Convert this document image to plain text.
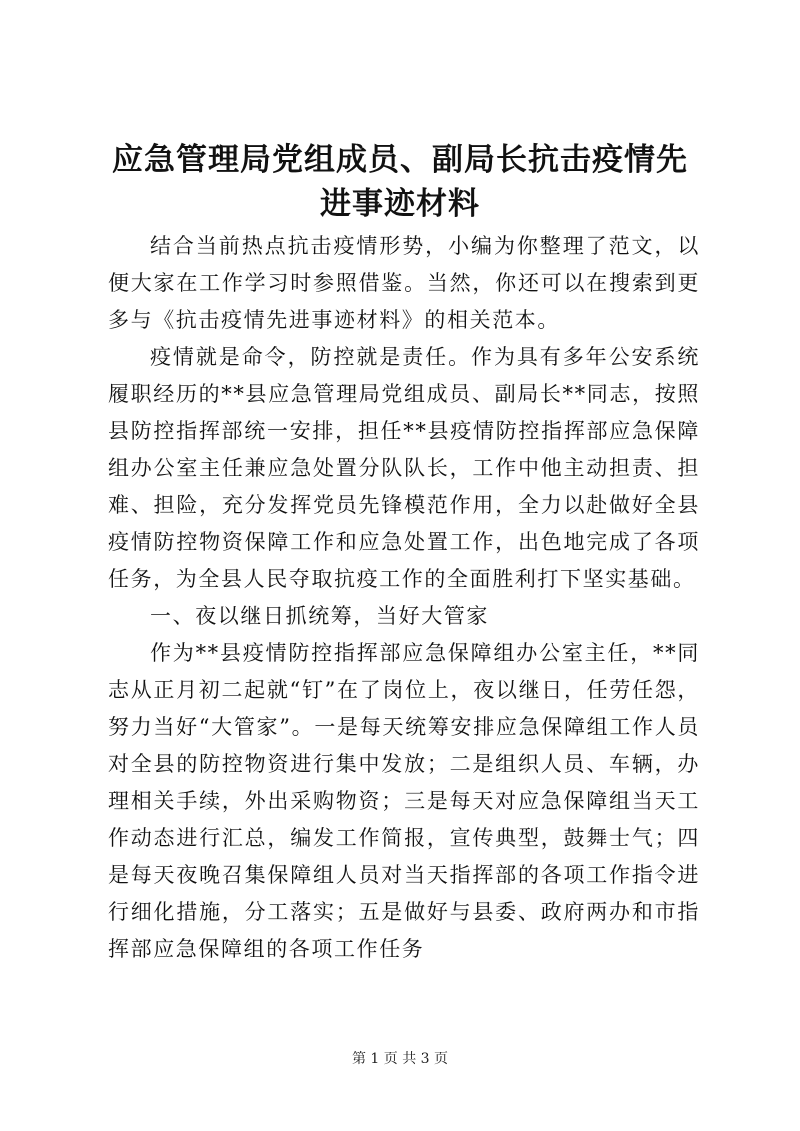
应急管理局党组成员、副局长抗击疫情先进事迹材料

结合当前热点抗击疫情形势，小编为你整理了范文，以便大家在工作学习时参照借鉴。当然，你还可以在搜索到更多与《抗击疫情先进事迹材料》的相关范本。

疫情就是命令，防控就是责任。作为具有多年公安系统履职经历的**县应急管理局党组成员、副局长**同志，按照县防控指挥部统一安排，担任**县疫情防控指挥部应急保障组办公室主任兼应急处置分队队长，工作中他主动担责、担难、担险，充分发挥党员先锋模范作用，全力以赴做好全县疫情防控物资保障工作和应急处置工作，出色地完成了各项任务，为全县人民夺取抗疫工作的全面胜利打下坚实基础。

一、夜以继日抓统筹，当好大管家

作为**县疫情防控指挥部应急保障组办公室主任，**同志从正月初二起就“钉”在了岗位上，夜以继日，任劳任怨，努力当好“大管家”。一是每天统筹安排应急保障组工作人员对全县的防控物资进行集中发放；二是组织人员、车辆，办理相关手续，外出采购物资；三是每天对应急保障组当天工作动态进行汇总，编发工作简报，宣传典型，鼓舞士气；四是每天夜晚召集保障组人员对当天指挥部的各项工作指令进行细化措施，分工落实；五是做好与县委、政府两办和市指挥部应急保障组的各项工作任务

第 1 页 共 3 页
